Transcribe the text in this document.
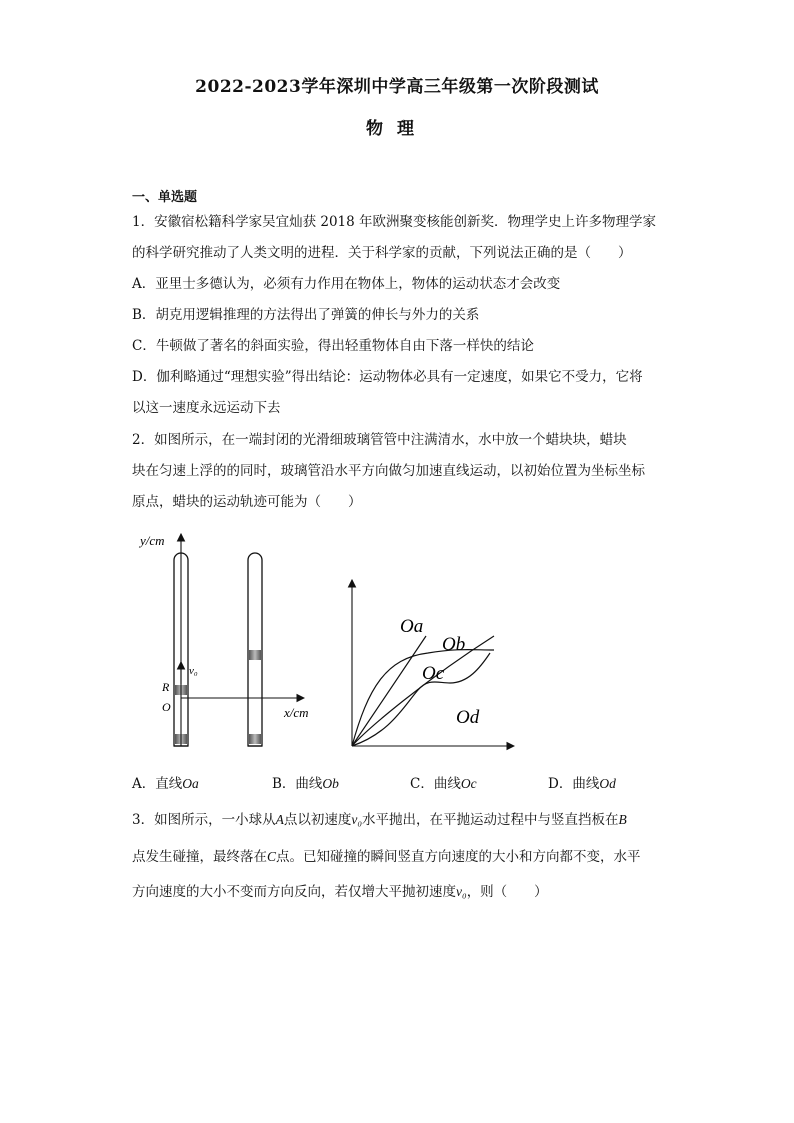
2022-2023学年深圳中学高三年级第一次阶段测试
物理
一、单选题
1．安徽宿松籍科学家吴宜灿获 2018 年欧洲聚变核能创新奖．物理学史上许多物理学家
的科学研究推动了人类文明的进程．关于科学家的贡献，下列说法正确的是（　　）
A．亚里士多德认为，必须有力作用在物体上，物体的运动状态才会改变
B．胡克用逻辑推理的方法得出了弹簧的伸长与外力的关系
C．牛顿做了著名的斜面实验，得出轻重物体自由下落一样快的结论
D．伽利略通过“理想实验”得出结论：运动物体必具有一定速度，如果它不受力，它将
以这一速度永远运动下去
2．如图所示，在一端封闭的光滑细玻璃管管中注满清水，水中放一个蜡块块，蜡块
块在匀速上浮的的同时，玻璃管沿水平方向做匀加速直线运动，以初始位置为坐标坐标
原点，蜡块的运动轨迹可能为（　　）
y/cm
x/cm
v₀
R
O
Oa
Ob
Oc
Od
A．直线Oa	B．曲线Ob	C．曲线Oc	D．曲线Od
3．如图所示，一小球从A点以初速度v₀水平抛出，在平抛运动过程中与竖直挡板在B
点发生碰撞，最终落在C点。已知碰撞的瞬间竖直方向速度的大小和方向都不变，水平
方向速度的大小不变而方向反向，若仅增大平抛初速度v₀，则（　　）
